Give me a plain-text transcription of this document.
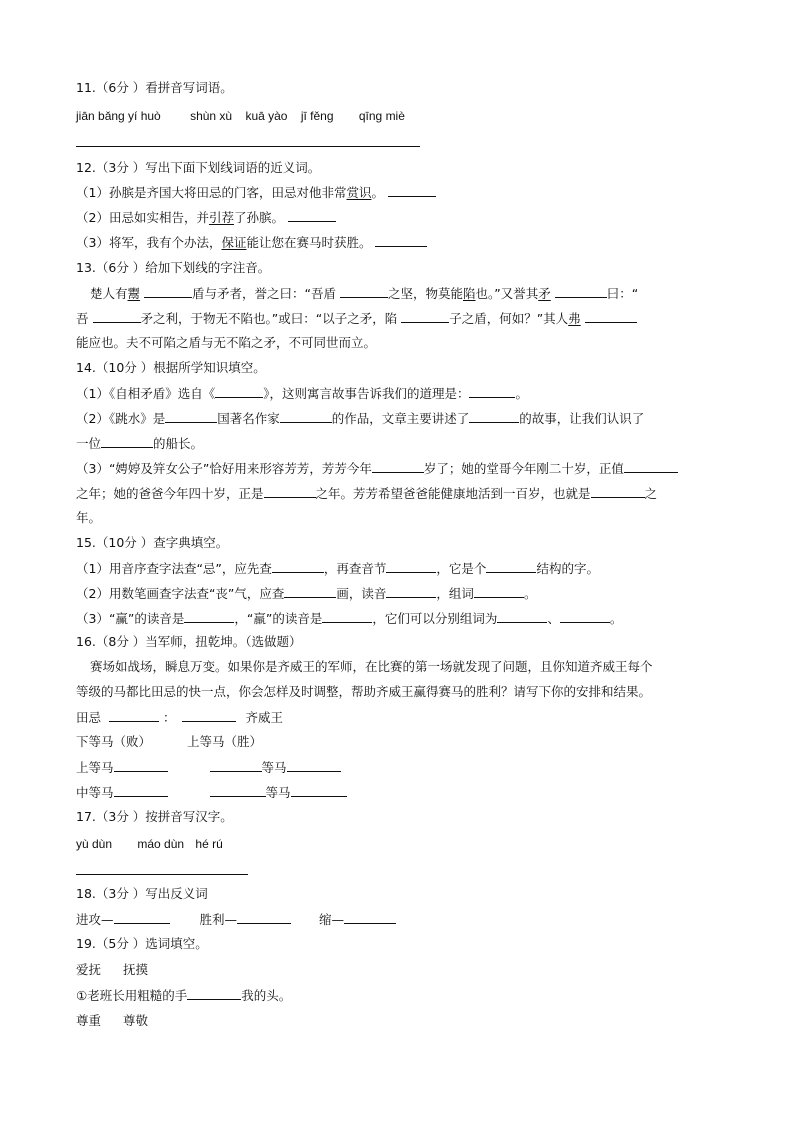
11.（6分 ）看拼音写词语。
jiān bǎng yí huò shùn xù kuā yào jī fěng qīng miè
12.（3分 ）写出下面下划线词语的近义词。
（1）孙膑是齐国大将田忌的门客，田忌对他非常赏识。
（2）田忌如实相告，并引荐了孙膑。
（3）将军，我有个办法，保证能让您在赛马时获胜。
13.（6分 ）给加下划线的字注音。
楚人有鬻	盾与矛者，誉之曰：“吾盾	之坚，物莫能陷也。”又誉其矛	曰：“
吾	矛之利，于物无不陷也。”或曰：“以子之矛，陷	子之盾，何如？”其人弗
能应也。夫不可陷之盾与无不陷之矛，不可同世而立。
14.（10分 ）根据所学知识填空。
（1）《自相矛盾》选自《	》，这则寓言故事告诉我们的道理是：	。
（2）《跳水》是	国著名作家	的作品，文章主要讲述了	的故事，让我们认识了
一位	的船长。
（3）“娉婷及笄女公子”恰好用来形容芳芳，芳芳今年	岁了；她的堂哥今年刚二十岁，正值
之年；她的爸爸今年四十岁，正是	之年。芳芳希望爸爸能健康地活到一百岁，也就是	之
年。
15.（10分 ）查字典填空。
（1）用音序查字法查“忌”，应先查	，再查音节	，它是个	结构的字。
（2）用数笔画查字法查“丧”气，应查	画，读音	，组词	。
（3）“赢”的读音是	，“羸”的读音是	，它们可以分别组词为	、	。
16.（8分 ）当军师，扭乾坤。（选做题）
赛场如战场，瞬息万变。如果你是齐威王的军师，在比赛的第一场就发现了问题，且你知道齐威王每个
等级的马都比田忌的快一点，你会怎样及时调整，帮助齐威王赢得赛马的胜利？请写下你的安排和结果。
田忌	：	齐威王
下等马（败）	上等马（胜）
上等马	等马
中等马	等马
17.（3分 ）按拼音写汉字。
yù dùn máo dùn hé rú
18.（3分 ）写出反义词
进攻—	胜利—	缩—
19.（5分 ）选词填空。
爱抚 抚摸
①老班长用粗糙的手	我的头。
尊重 尊敬
